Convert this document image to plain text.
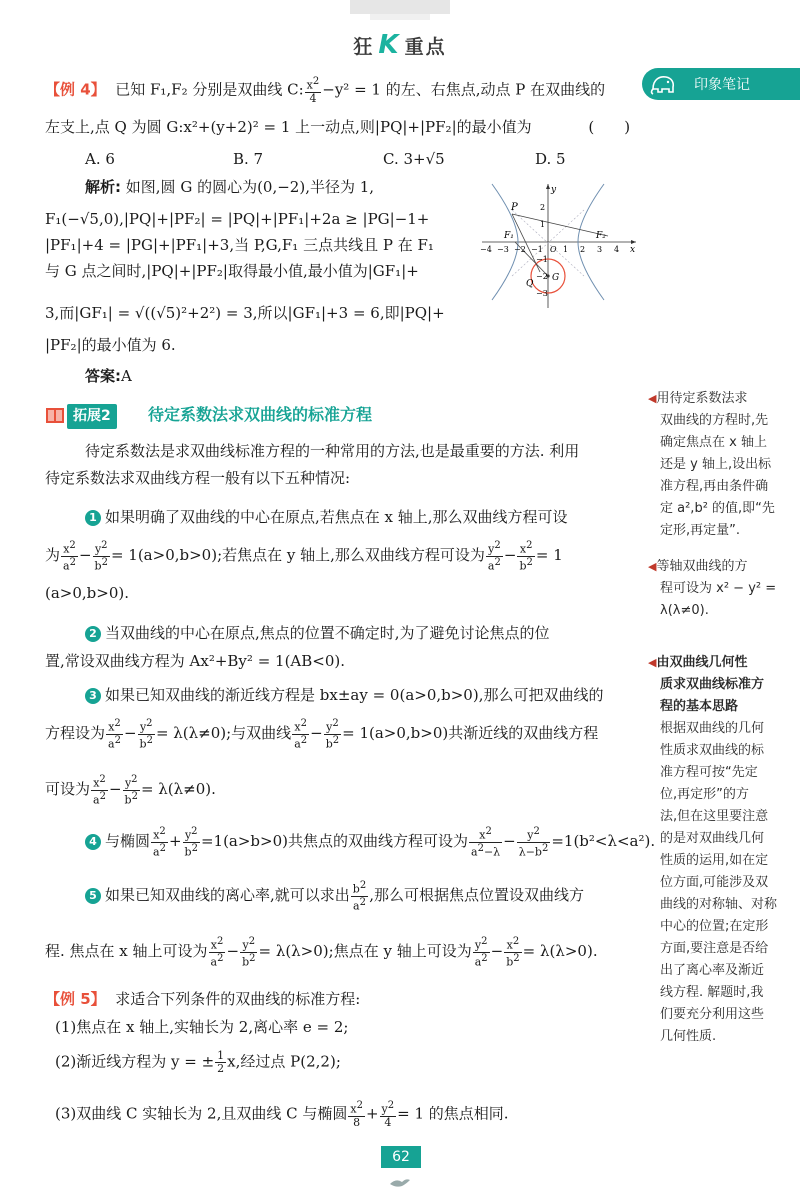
狂 K 重点
印象笔记
【例 4】 已知 F₁,F₂ 分别是双曲线 C: $\frac{x^2}{4} -y^2 = 1$ 的左、右焦点,动点 P 在双曲线的
左支上,点 Q 为圆 G:x²+(y+2)² = 1 上一动点,则|PQ|+|PF₂|的最小值为	(　　)
A. 6	B. 7	C. 3+√5	D. 5
解析: 如图,圆 G 的圆心为(0,−2),半径为 1,
F₁(−√5,0),|PQ|+|PF₂| = |PQ|+|PF₁|+2a ≥ |PG|−1+
|PF₁|+4 = |PG|+|PF₁|+3,当 P,G,F₁ 三点共线且 P 在 F₁
与 G 点之间时,|PQ|+|PF₂|取得最小值,最小值为|GF₁|+
3,而|GF₁| = √((√5)²+2²) = 3,所以|GF₁|+3 = 6,即|PQ|+
|PF₂|的最小值为 6.
答案:A
拓展2	待定系数法求双曲线的标准方程
待定系数法是求双曲线标准方程的一种常用的方法,也是最重要的方法. 利用
待定系数法求双曲线方程一般有以下五种情况:
1 如果明确了双曲线的中心在原点,若焦点在 x 轴上,那么双曲线方程可设
为 $\frac{x^2}{a^2} - \frac{y^2}{b^2} = 1(a>0,b>0)$;若焦点在 y 轴上,那么双曲线方程可设为 $\frac{y^2}{a^2} - \frac{x^2}{b^2} = 1$
(a>0,b>0).
2 当双曲线的中心在原点,焦点的位置不确定时,为了避免讨论焦点的位
置,常设双曲线方程为 Ax²+By² = 1(AB<0).
3 如果已知双曲线的渐近线方程是 bx±ay = 0(a>0,b>0),那么可把双曲线的
方程设为 $\frac{x^2}{a^2} - \frac{y^2}{b^2} = \lambda(\lambda\ne 0)$;与双曲线 $\frac{x^2}{a^2} - \frac{y^2}{b^2} = 1(a>0,b>0)$共渐近线的双曲线方程
可设为 $\frac{x^2}{a^2} - \frac{y^2}{b^2} = \lambda(\lambda\ne 0)$.
4 与椭圆 $\frac{x^2}{a^2} + \frac{y^2}{b^2} =1(a>b>0)$共焦点的双曲线方程可设为 $\frac{x^2}{a^2-\lambda} - \frac{y^2}{\lambda-b^2} =1(b^2<\lambda<a^2)$.
5 如果已知双曲线的离心率,就可以求出 $\frac{b^2}{a^2}$ ,那么可根据焦点位置设双曲线方
程. 焦点在 x 轴上可设为 $\frac{x^2}{a^2} - \frac{y^2}{b^2} = \lambda(\lambda>0)$;焦点在 y 轴上可设为 $\frac{y^2}{a^2} - \frac{x^2}{b^2} = \lambda(\lambda>0)$.
【例 5】 求适合下列条件的双曲线的标准方程:
(1)焦点在 x 轴上,实轴长为 2,离心率 e = 2;
(2)渐近线方程为 y = ± $\frac{1}{2} x$,经过点 P(2,2);
(3)双曲线 C 实轴长为 2,且双曲线 C 与椭圆 $\frac{x^2}{8} + \frac{y^2}{4} = 1$ 的焦点相同.
P
F₁	F₂
Q
G
y
x
O
−4 −3 −2 −1	1 2 3 4
2
1
−1
−2
−3
◀用待定系数法求
双曲线的方程时,先
确定焦点在 x 轴上
还是 y 轴上,设出标
准方程,再由条件确
定 a²,b² 的值,即“先
定形,再定量”.
◀等轴双曲线的方
程可设为 x² − y² =
λ(λ≠0).
◀由双曲线几何性
质求双曲线标准方
程的基本思路
根据双曲线的几何
性质求双曲线的标
准方程可按“先定
位,再定形”的方
法,但在这里要注意
的是对双曲线几何
性质的运用,如在定
位方面,可能涉及双
曲线的对称轴、对称
中心的位置;在定形
方面,要注意是否给
出了离心率及渐近
线方程. 解题时,我
们要充分利用这些
几何性质.
62
